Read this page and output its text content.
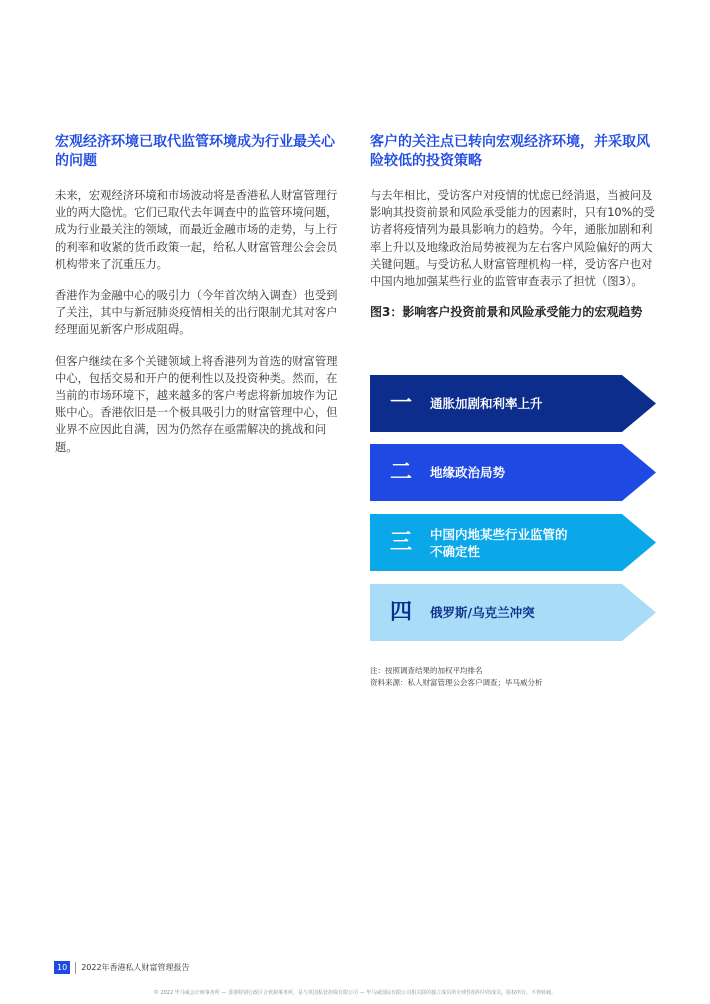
宏观经济环境已取代监管环境成为行业最关心的问题

未来，宏观经济环境和市场波动将是香港私人财富管理行业的两大隐忧。它们已取代去年调查中的监管环境问题，成为行业最关注的领域，而最近金融市场的走势，与上行的利率和收紧的货币政策一起，给私人财富管理公会会员机构带来了沉重压力。

香港作为金融中心的吸引力（今年首次纳入调查）也受到了关注，其中与新冠肺炎疫情相关的出行限制尤其对客户经理面见新客户形成阻碍。

但客户继续在多个关键领域上将香港列为首选的财富管理中心，包括交易和开户的便利性以及投资种类。然而，在当前的市场环境下，越来越多的客户考虑将新加坡作为记账中心。香港依旧是一个极具吸引力的财富管理中心，但业界不应因此自满，因为仍然存在亟需解决的挑战和问题。

客户的关注点已转向宏观经济环境，并采取风险较低的投资策略

与去年相比，受访客户对疫情的忧虑已经消退，当被问及影响其投资前景和风险承受能力的因素时，只有10%的受访者将疫情列为最具影响力的趋势。今年，通胀加剧和利率上升以及地缘政治局势被视为左右客户风险偏好的两大关键问题。与受访私人财富管理机构一样，受访客户也对中国内地加强某些行业的监管审查表示了担忧（图3）。

图3：影响客户投资前景和风险承受能力的宏观趋势
一	通胀加剧和利率上升
二	地缘政治局势
三	中国内地某些行业监管的
不确定性
四	俄罗斯/乌克兰冲突
注：按照调查结果的加权平均排名
资料来源：私人财富管理公会客户调查；毕马威分析
10	2022年香港私人财富管理报告
© 2022 毕马威会计师事务所 — 香港特别行政区合伙制事务所，是与英国私营担保有限公司 — 毕马威国际有限公司相关联的独立成员所全球性组织中的成员。版权所有，不得转载。
